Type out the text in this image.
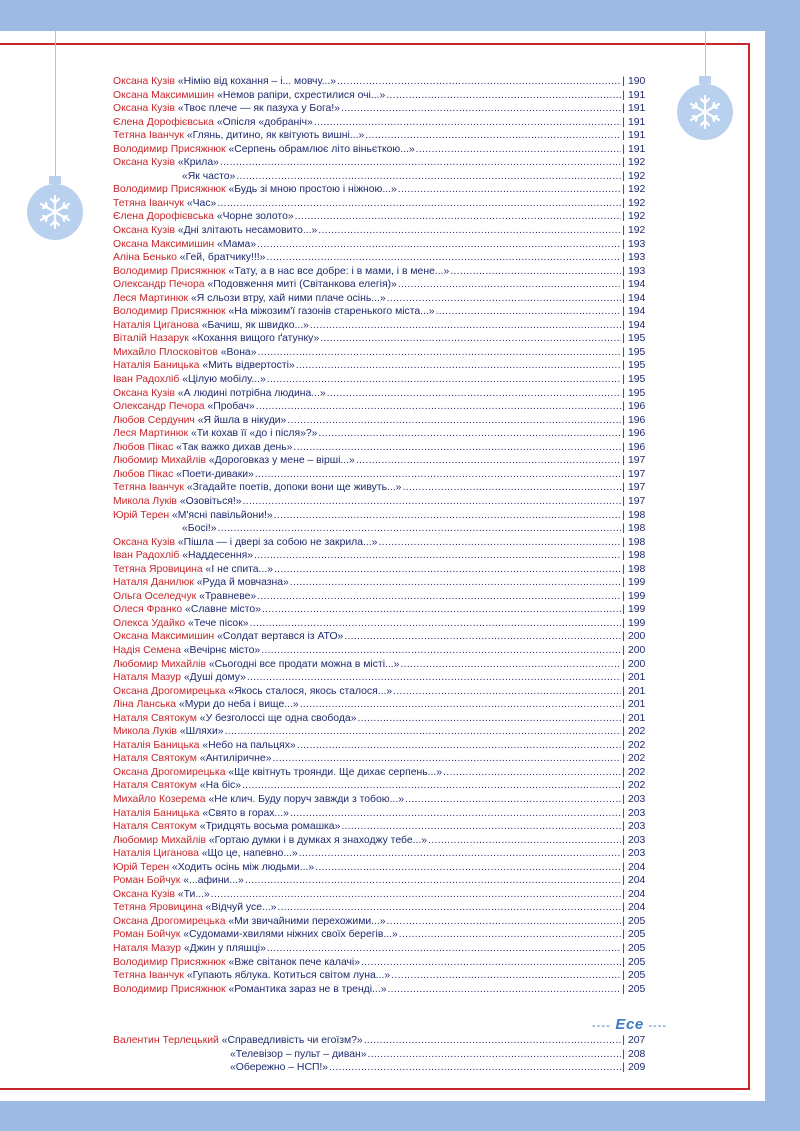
Оксана Кузів
«Німію від кохання – і... мовчу...» .....	| 190
Оксана Максимишин
«Немов рапіри, схрестилися очі...» .....	| 191
Оксана Кузів
«Твоє плече — як пазуха у Бога!» .....	| 191
Єлена Дорофієвська
«Опісля «добраніч» .....	| 191
Тетяна Іванчук
«Глянь, дитино, як квітують вишні...» .....	| 191
Володимир Присяжнюк
«Серпень обрамлює літо віньєткою...» .....	| 191
Оксана Кузів
«Крила» .....	| 192
«Як часто» .....	| 192
Володимир Присяжнюк
«Будь зі мною простою і ніжною...» .....	| 192
Тетяна Іванчук
«Час» .....	| 192
Єлена Дорофієвська
«Чорне золото» .....	| 192
Оксана Кузів
«Дні злітають несамовито...» .....	| 192
Оксана Максимишин
«Мама» .....	| 193
Аліна Бенько
«Гей, братчику!!!» .....	| 193
Володимир Присяжнюк
«Тату, а в нас все добре: і в мами, і в мене...» .....	| 193
Олександр Печора
«Подовження миті (Світанкова елегія)» .....	| 194
Леся Мартинюк
«Я сльози втру, хай ними плаче осінь...» .....	| 194
Володимир Присяжнюк
«На міжозим'ї газонів старенького міста...» .....	| 194
Наталія Циганова
«Бачиш, як швидко...» .....	| 194
Віталій Назарук
«Кохання вищого ґатунку» .....	| 195
Михайло Плосковітов
«Вона» .....	| 195
Наталія Баницька
«Мить відвертості» .....	| 195
Іван Радохліб
«Цілую мобілу...» .....	| 195
Оксана Кузів
«А людині потрібна людина...» .....	| 195
Олександр Печора
«Пробач» .....	| 196
Любов Сердунич
«Я йшла в нікуди» .....	| 196
Леся Мартинюк
«Ти кохав її «до і після»?» .....	| 196
Любов Пікас
«Так важко дихав день» .....	| 196
Любомир Михайлів
«Дороговказ у мене – вірші...» .....	| 197
Любов Пікас
«Поети-диваки» .....	| 197
Тетяна Іванчук
«Згадайте поетів, допоки вони ще живуть...» .....	| 197
Микола Луків
«Озовіться!» .....	| 197
Юрій Терен
«М'ясні павільйони!» .....	| 198
«Босі!» .....	| 198
Оксана Кузів
«Пішла — і двері за собою не закрила...» .....	| 198
Іван Радохліб
«Наддесення» .....	| 198
Тетяна Яровицина
«І не спита...» .....	| 198
Наталя Данилюк
«Руда й мовчазна» .....	| 199
Ольга Оселедчук
«Травневе» .....	| 199
Олеся Франко
«Славне місто» .....	| 199
Олекса Удайко
«Тече пісок» .....	| 199
Оксана Максимишин
«Солдат вертався із АТО» .....	| 200
Надія Семена
«Вечірнє місто» .....	| 200
Любомир Михайлів
«Сьогодні все продати можна в місті...» .....	| 200
Наталя Мазур
«Душі дому» .....	| 201
Оксана Дрогомирецька
«Якось сталося, якось сталося...» .....	| 201
Ліна Ланська
«Мури до неба і вище...» .....	| 201
Наталя Святокум
«У безголоссі ще одна свобода» .....	| 201
Микола Луків
«Шляхи» .....	| 202
Наталія Баницька
«Небо на пальцях» .....	| 202
Наталя Святокум
«Антиліричне» .....	| 202
Оксана Дрогомирецька
«Ще квітнуть троянди. Ще дихає серпень...» .....	| 202
Наталя Святокум
«На біс» .....	| 202
Михайло Козерема
«Не клич. Буду поруч завжди з тобою...» .....	| 203
Наталія Баницька
«Свято в горах...» .....	| 203
Наталя Святокум
«Тридцять восьма ромашка» .....	| 203
Любомир Михайлів
«Гортаю думки і в думках я знаходжу тебе...» .....	| 203
Наталія Циганова
«Що це, напевно...» .....	| 203
Юрій Терен
«Ходить осінь між людьми...» .....	| 204
Роман Бойчук
«...афини...» .....	| 204
Оксана Кузів
«Ти...» .....	| 204
Тетяна Яровицина
«Відчуй усе...» .....	| 204
Оксана Дрогомирецька
«Ми звичайними перехожими...» .....	| 205
Роман Бойчук
«Судомами-хвилями ніжних своїх берегів...» .....	| 205
Наталя Мазур
«Джин у пляшці» .....	| 205
Володимир Присяжнюк
«Вже світанок пече калачі» .....	| 205
Тетяна Іванчук
«Гупають яблука. Котиться світом луна...» .....	| 205
Володимир Присяжнюк
«Романтика зараз не в тренді...» .....	| 205
---- Есе ----
Валентин Терлецький
«Справедливість чи егоїзм?» .....	| 207
«Телевізор – пульт – диван» .....	| 208
«Обережно – НСП!» .....	| 209
